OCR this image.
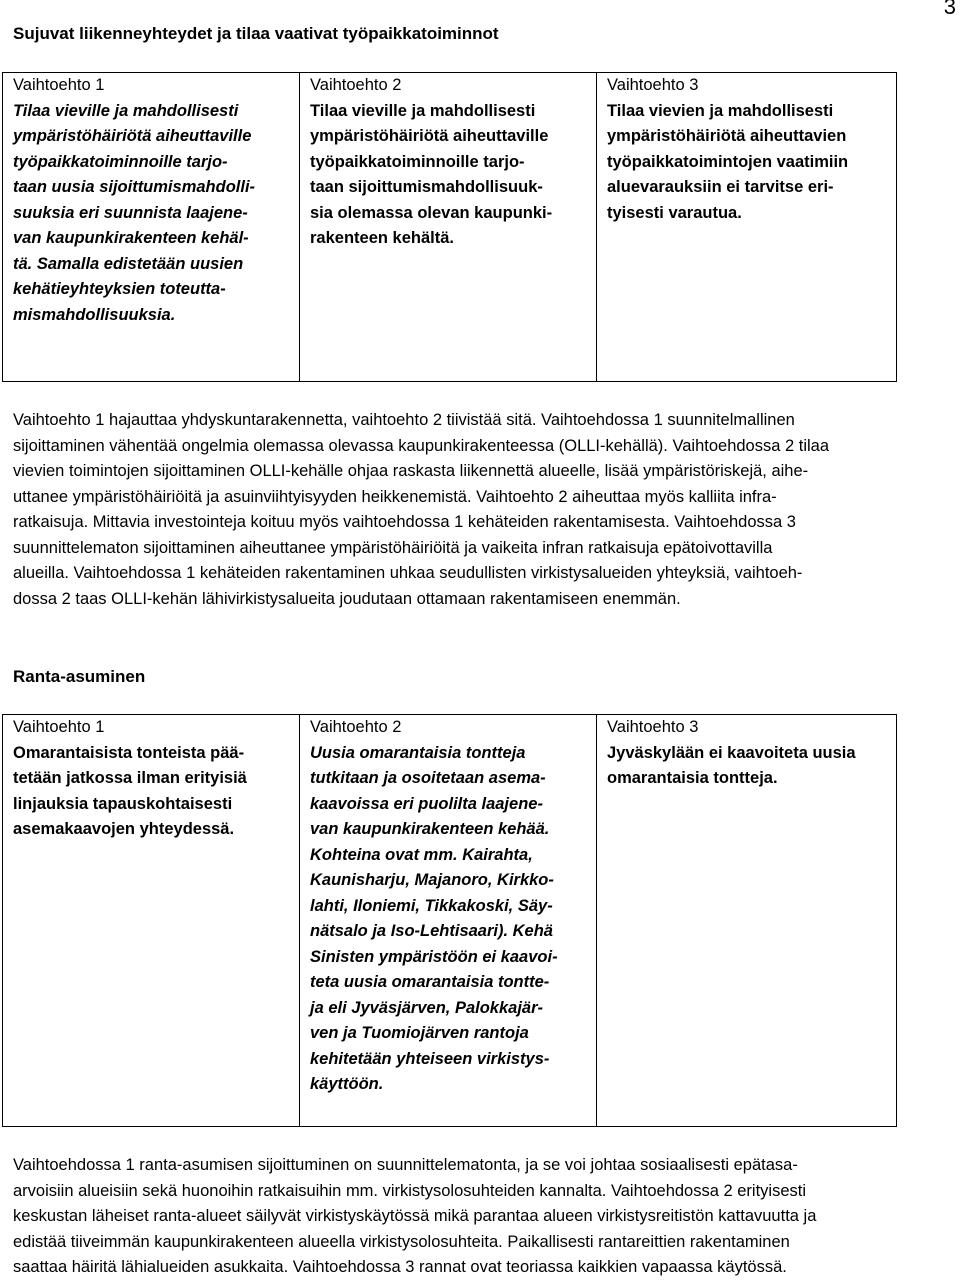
3
Sujuvat liikenneyhteydet ja tilaa vaativat työpaikkatoiminnot
Vaihtoehto 1
Tilaa vieville ja mahdollisesti
ympäristöhäiriötä aiheuttaville
työpaikkatoiminnoille tarjo-
taan uusia sijoittumismahdolli-
suuksia eri suunnista laajene-
van kaupunkirakenteen kehäl-
tä. Samalla edistetään uusien
kehätieyhteyksien toteutta-
mismahdollisuuksia.

Vaihtoehto 2
Tilaa vieville ja mahdollisesti
ympäristöhäiriötä aiheuttaville
työpaikkatoiminnoille tarjo-
taan sijoittumismahdollisuuk-
sia olemassa olevan kaupunki-
rakenteen kehältä.

Vaihtoehto 3
Tilaa vievien ja mahdollisesti
ympäristöhäiriötä aiheuttavien
työpaikkatoimintojen vaatimiin
aluevarauksiin ei tarvitse eri-
tyisesti varautua.
Vaihtoehto 1 hajauttaa yhdyskuntarakennetta, vaihtoehto 2 tiivistää sitä. Vaihtoehdossa 1 suunnitelmallinen
sijoittaminen vähentää ongelmia olemassa olevassa kaupunkirakenteessa (OLLI-kehällä). Vaihtoehdossa 2 tilaa
vievien toimintojen sijoittaminen OLLI-kehälle ohjaa raskasta liikennettä alueelle, lisää ympäristöriskejä, aihe-
uttanee ympäristöhäiriöitä ja asuinviihtyisyyden heikkenemistä. Vaihtoehto 2 aiheuttaa myös kalliita infra-
ratkaisuja. Mittavia investointeja koituu myös vaihtoehdossa 1 kehäteiden rakentamisesta. Vaihtoehdossa 3
suunnittelematon sijoittaminen aiheuttanee ympäristöhäiriöitä ja vaikeita infran ratkaisuja epätoivottavilla
alueilla. Vaihtoehdossa 1 kehäteiden rakentaminen uhkaa seudullisten virkistysalueiden yhteyksiä, vaihtoeh-
dossa 2 taas OLLI-kehän lähivirkistysalueita joudutaan ottamaan rakentamiseen enemmän.
Ranta-asuminen
Vaihtoehto 1
Omarantaisista tonteista pää-
tetään jatkossa ilman erityisiä
linjauksia tapauskohtaisesti
asemakaavojen yhteydessä.

Vaihtoehto 2
Uusia omarantaisia tontteja
tutkitaan ja osoitetaan asema-
kaavoissa eri puolilta laajene-
van kaupunkirakenteen kehää.
Kohteina ovat mm. Kairahta,
Kaunisharju, Majanoro, Kirkko-
lahti, Iloniemi, Tikkakoski, Säy-
nätsalo ja Iso-Lehtisaari). Kehä
Sinisten ympäristöön ei kaavoi-
teta uusia omarantaisia tontte-
ja eli Jyväsjärven, Palokkajär-
ven ja Tuomiojärven rantoja
kehitetään yhteiseen virkistys-
käyttöön.

Vaihtoehto 3
Jyväskylään ei kaavoiteta uusia
omarantaisia tontteja.
Vaihtoehdossa 1 ranta-asumisen sijoittuminen on suunnittelematonta, ja se voi johtaa sosiaalisesti epätasa-
arvoisiin alueisiin sekä huonoihin ratkaisuihin mm. virkistysolosuhteiden kannalta. Vaihtoehdossa 2 erityisesti
keskustan läheiset ranta-alueet säilyvät virkistyskäytössä mikä parantaa alueen virkistysreitistön kattavuutta ja
edistää tiiveimmän kaupunkirakenteen alueella virkistysolosuhteita. Paikallisesti rantareittien rakentaminen
saattaa häiritä lähialueiden asukkaita. Vaihtoehdossa 3 rannat ovat teoriassa kaikkien vapaassa käytössä.
